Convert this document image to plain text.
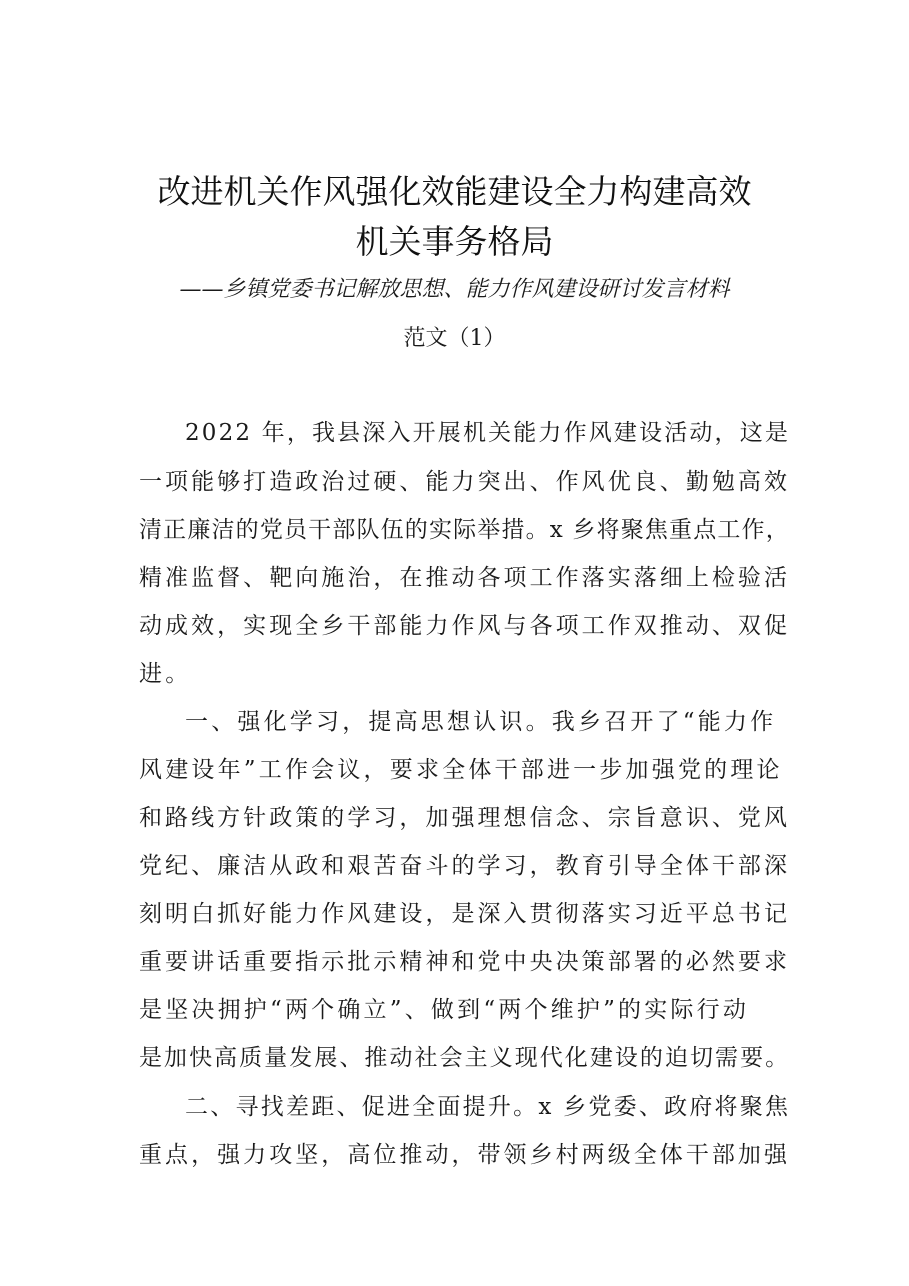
改进机关作风强化效能建设全力构建高效
机关事务格局
——乡镇党委书记解放思想、能力作风建设研讨发言材料
范文（1）
2022 年，我县深入开展机关能力作风建设活动，这是
一项能够打造政治过硬、能力突出、作风优良、勤勉高效
清正廉洁的党员干部队伍的实际举措。x 乡将聚焦重点工作，
精准监督、靶向施治，在推动各项工作落实落细上检验活
动成效，实现全乡干部能力作风与各项工作双推动、双促
进。
一、强化学习，提高思想认识。我乡召开了“能力作
风建设年”工作会议，要求全体干部进一步加强党的理论
和路线方针政策的学习，加强理想信念、宗旨意识、党风
党纪、廉洁从政和艰苦奋斗的学习，教育引导全体干部深
刻明白抓好能力作风建设，是深入贯彻落实习近平总书记
重要讲话重要指示批示精神和党中央决策部署的必然要求
是坚决拥护“两个确立”、做到“两个维护”的实际行动
是加快高质量发展、推动社会主义现代化建设的迫切需要。
二、寻找差距、促进全面提升。x 乡党委、政府将聚焦
重点，强力攻坚，高位推动，带领乡村两级全体干部加强
